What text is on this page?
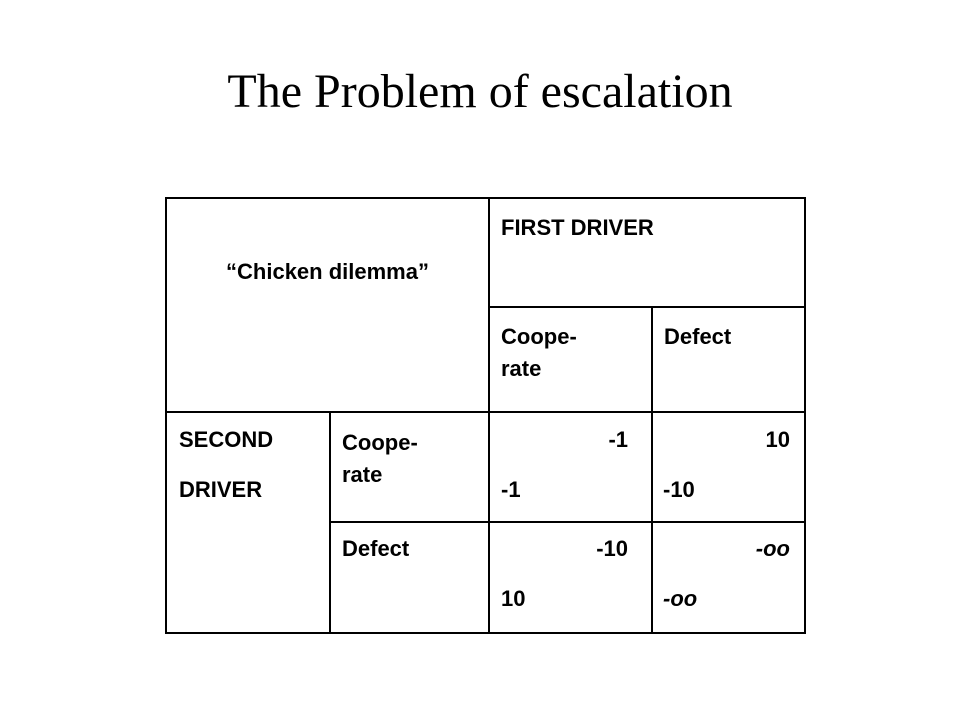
The Problem of escalation
“Chicken dilemma”
FIRST DRIVER
Coope-
rate
Defect
SECOND
DRIVER
Coope-
rate
Defect
-1
-1
10
-10
-10
10
-oo
-oo
